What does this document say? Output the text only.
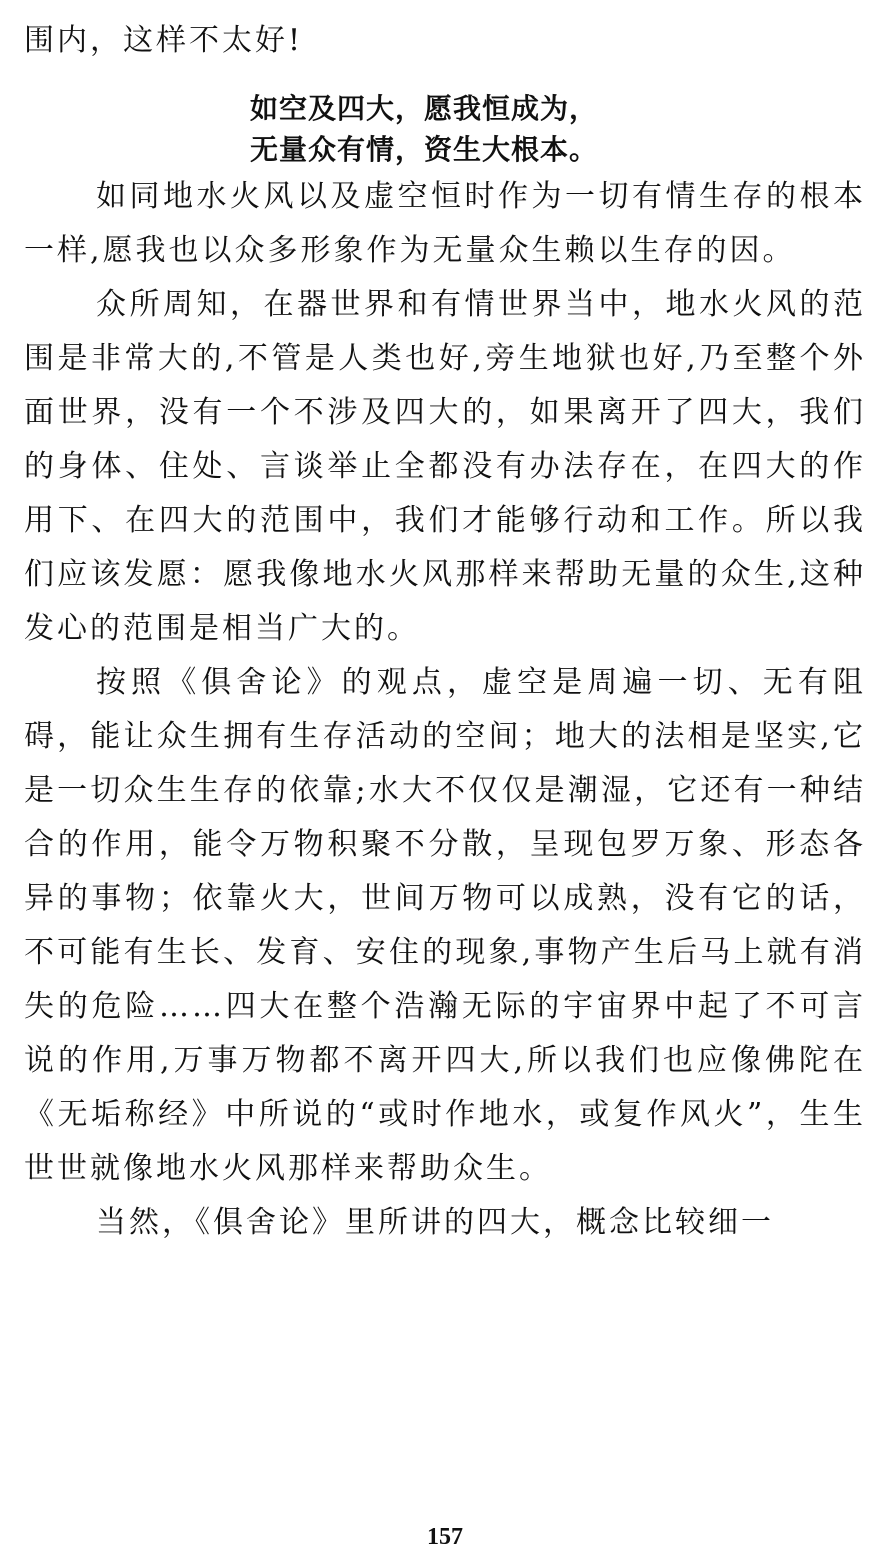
围内，这样不太好!

如空及四大，愿我恒成为，
无量众有情，资生大根本。

如同地水火风以及虚空恒时作为一切有情生存的根本一样,愿我也以众多形象作为无量众生赖以生存的因。

众所周知，在器世界和有情世界当中，地水火风的范围是非常大的,不管是人类也好,旁生地狱也好,乃至整个外面世界，没有一个不涉及四大的，如果离开了四大，我们的身体、住处、言谈举止全都没有办法存在，在四大的作用下、在四大的范围中，我们才能够行动和工作。所以我们应该发愿：愿我像地水火风那样来帮助无量的众生,这种发心的范围是相当广大的。

按照《俱舍论》的观点，虚空是周遍一切、无有阻碍，能让众生拥有生存活动的空间；地大的法相是坚实,它是一切众生生存的依靠;水大不仅仅是潮湿，它还有一种结合的作用，能令万物积聚不分散，呈现包罗万象、形态各异的事物；依靠火大，世间万物可以成熟，没有它的话，不可能有生长、发育、安住的现象,事物产生后马上就有消失的危险……四大在整个浩瀚无际的宇宙界中起了不可言说的作用,万事万物都不离开四大,所以我们也应像佛陀在《无垢称经》中所说的“或时作地水，或复作风火”，生生世世就像地水火风那样来帮助众生。

当然，《俱舍论》里所讲的四大，概念比较细一

157
